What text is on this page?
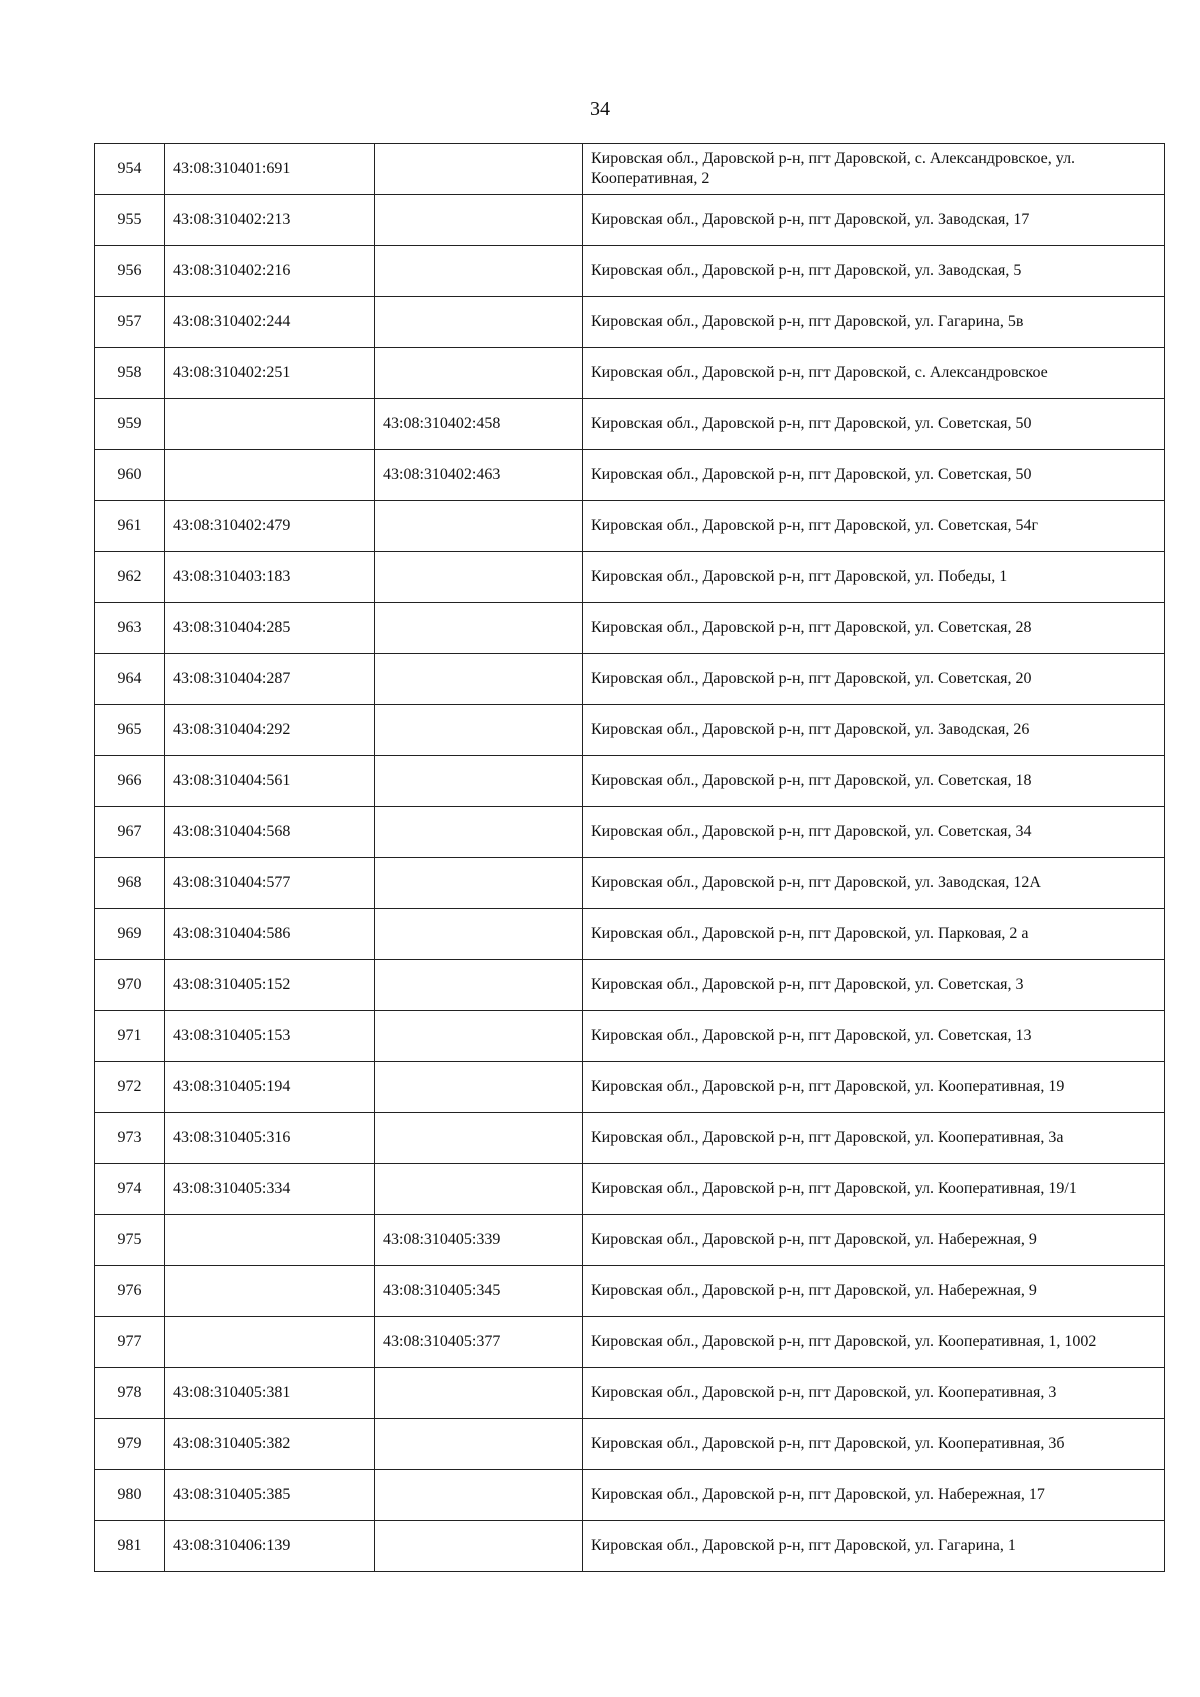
34
954	43:08:310401:691		Кировская обл., Даровской р-н, пгт Даровской, с. Александровское, ул. Кооперативная, 2
955	43:08:310402:213		Кировская обл., Даровской р-н, пгт Даровской, ул. Заводская, 17
956	43:08:310402:216		Кировская обл., Даровской р-н, пгт Даровской, ул. Заводская, 5
957	43:08:310402:244		Кировская обл., Даровской р-н, пгт Даровской, ул. Гагарина, 5в
958	43:08:310402:251		Кировская обл., Даровской р-н, пгт Даровской, с. Александровское
959		43:08:310402:458	Кировская обл., Даровской р-н, пгт Даровской, ул. Советская, 50
960		43:08:310402:463	Кировская обл., Даровской р-н, пгт Даровской, ул. Советская, 50
961	43:08:310402:479		Кировская обл., Даровской р-н, пгт Даровской, ул. Советская, 54г
962	43:08:310403:183		Кировская обл., Даровской р-н, пгт Даровской, ул. Победы, 1
963	43:08:310404:285		Кировская обл., Даровской р-н, пгт Даровской, ул. Советская, 28
964	43:08:310404:287		Кировская обл., Даровской р-н, пгт Даровской, ул. Советская, 20
965	43:08:310404:292		Кировская обл., Даровской р-н, пгт Даровской, ул. Заводская, 26
966	43:08:310404:561		Кировская обл., Даровской р-н, пгт Даровской, ул. Советская, 18
967	43:08:310404:568		Кировская обл., Даровской р-н, пгт Даровской, ул. Советская, 34
968	43:08:310404:577		Кировская обл., Даровской р-н, пгт Даровской, ул. Заводская, 12А
969	43:08:310404:586		Кировская обл., Даровской р-н, пгт Даровской, ул. Парковая, 2 а
970	43:08:310405:152		Кировская обл., Даровской р-н, пгт Даровской, ул. Советская, 3
971	43:08:310405:153		Кировская обл., Даровской р-н, пгт Даровской, ул. Советская, 13
972	43:08:310405:194		Кировская обл., Даровской р-н, пгт Даровской, ул. Кооперативная, 19
973	43:08:310405:316		Кировская обл., Даровской р-н, пгт Даровской, ул. Кооперативная, 3а
974	43:08:310405:334		Кировская обл., Даровской р-н, пгт Даровской, ул. Кооперативная, 19/1
975		43:08:310405:339	Кировская обл., Даровской р-н, пгт Даровской, ул. Набережная, 9
976		43:08:310405:345	Кировская обл., Даровской р-н, пгт Даровской, ул. Набережная, 9
977		43:08:310405:377	Кировская обл., Даровской р-н, пгт Даровской, ул. Кооперативная, 1, 1002
978	43:08:310405:381		Кировская обл., Даровской р-н, пгт Даровской, ул. Кооперативная, 3
979	43:08:310405:382		Кировская обл., Даровской р-н, пгт Даровской, ул. Кооперативная, 3б
980	43:08:310405:385		Кировская обл., Даровской р-н, пгт Даровской, ул. Набережная, 17
981	43:08:310406:139		Кировская обл., Даровской р-н, пгт Даровской, ул. Гагарина, 1
